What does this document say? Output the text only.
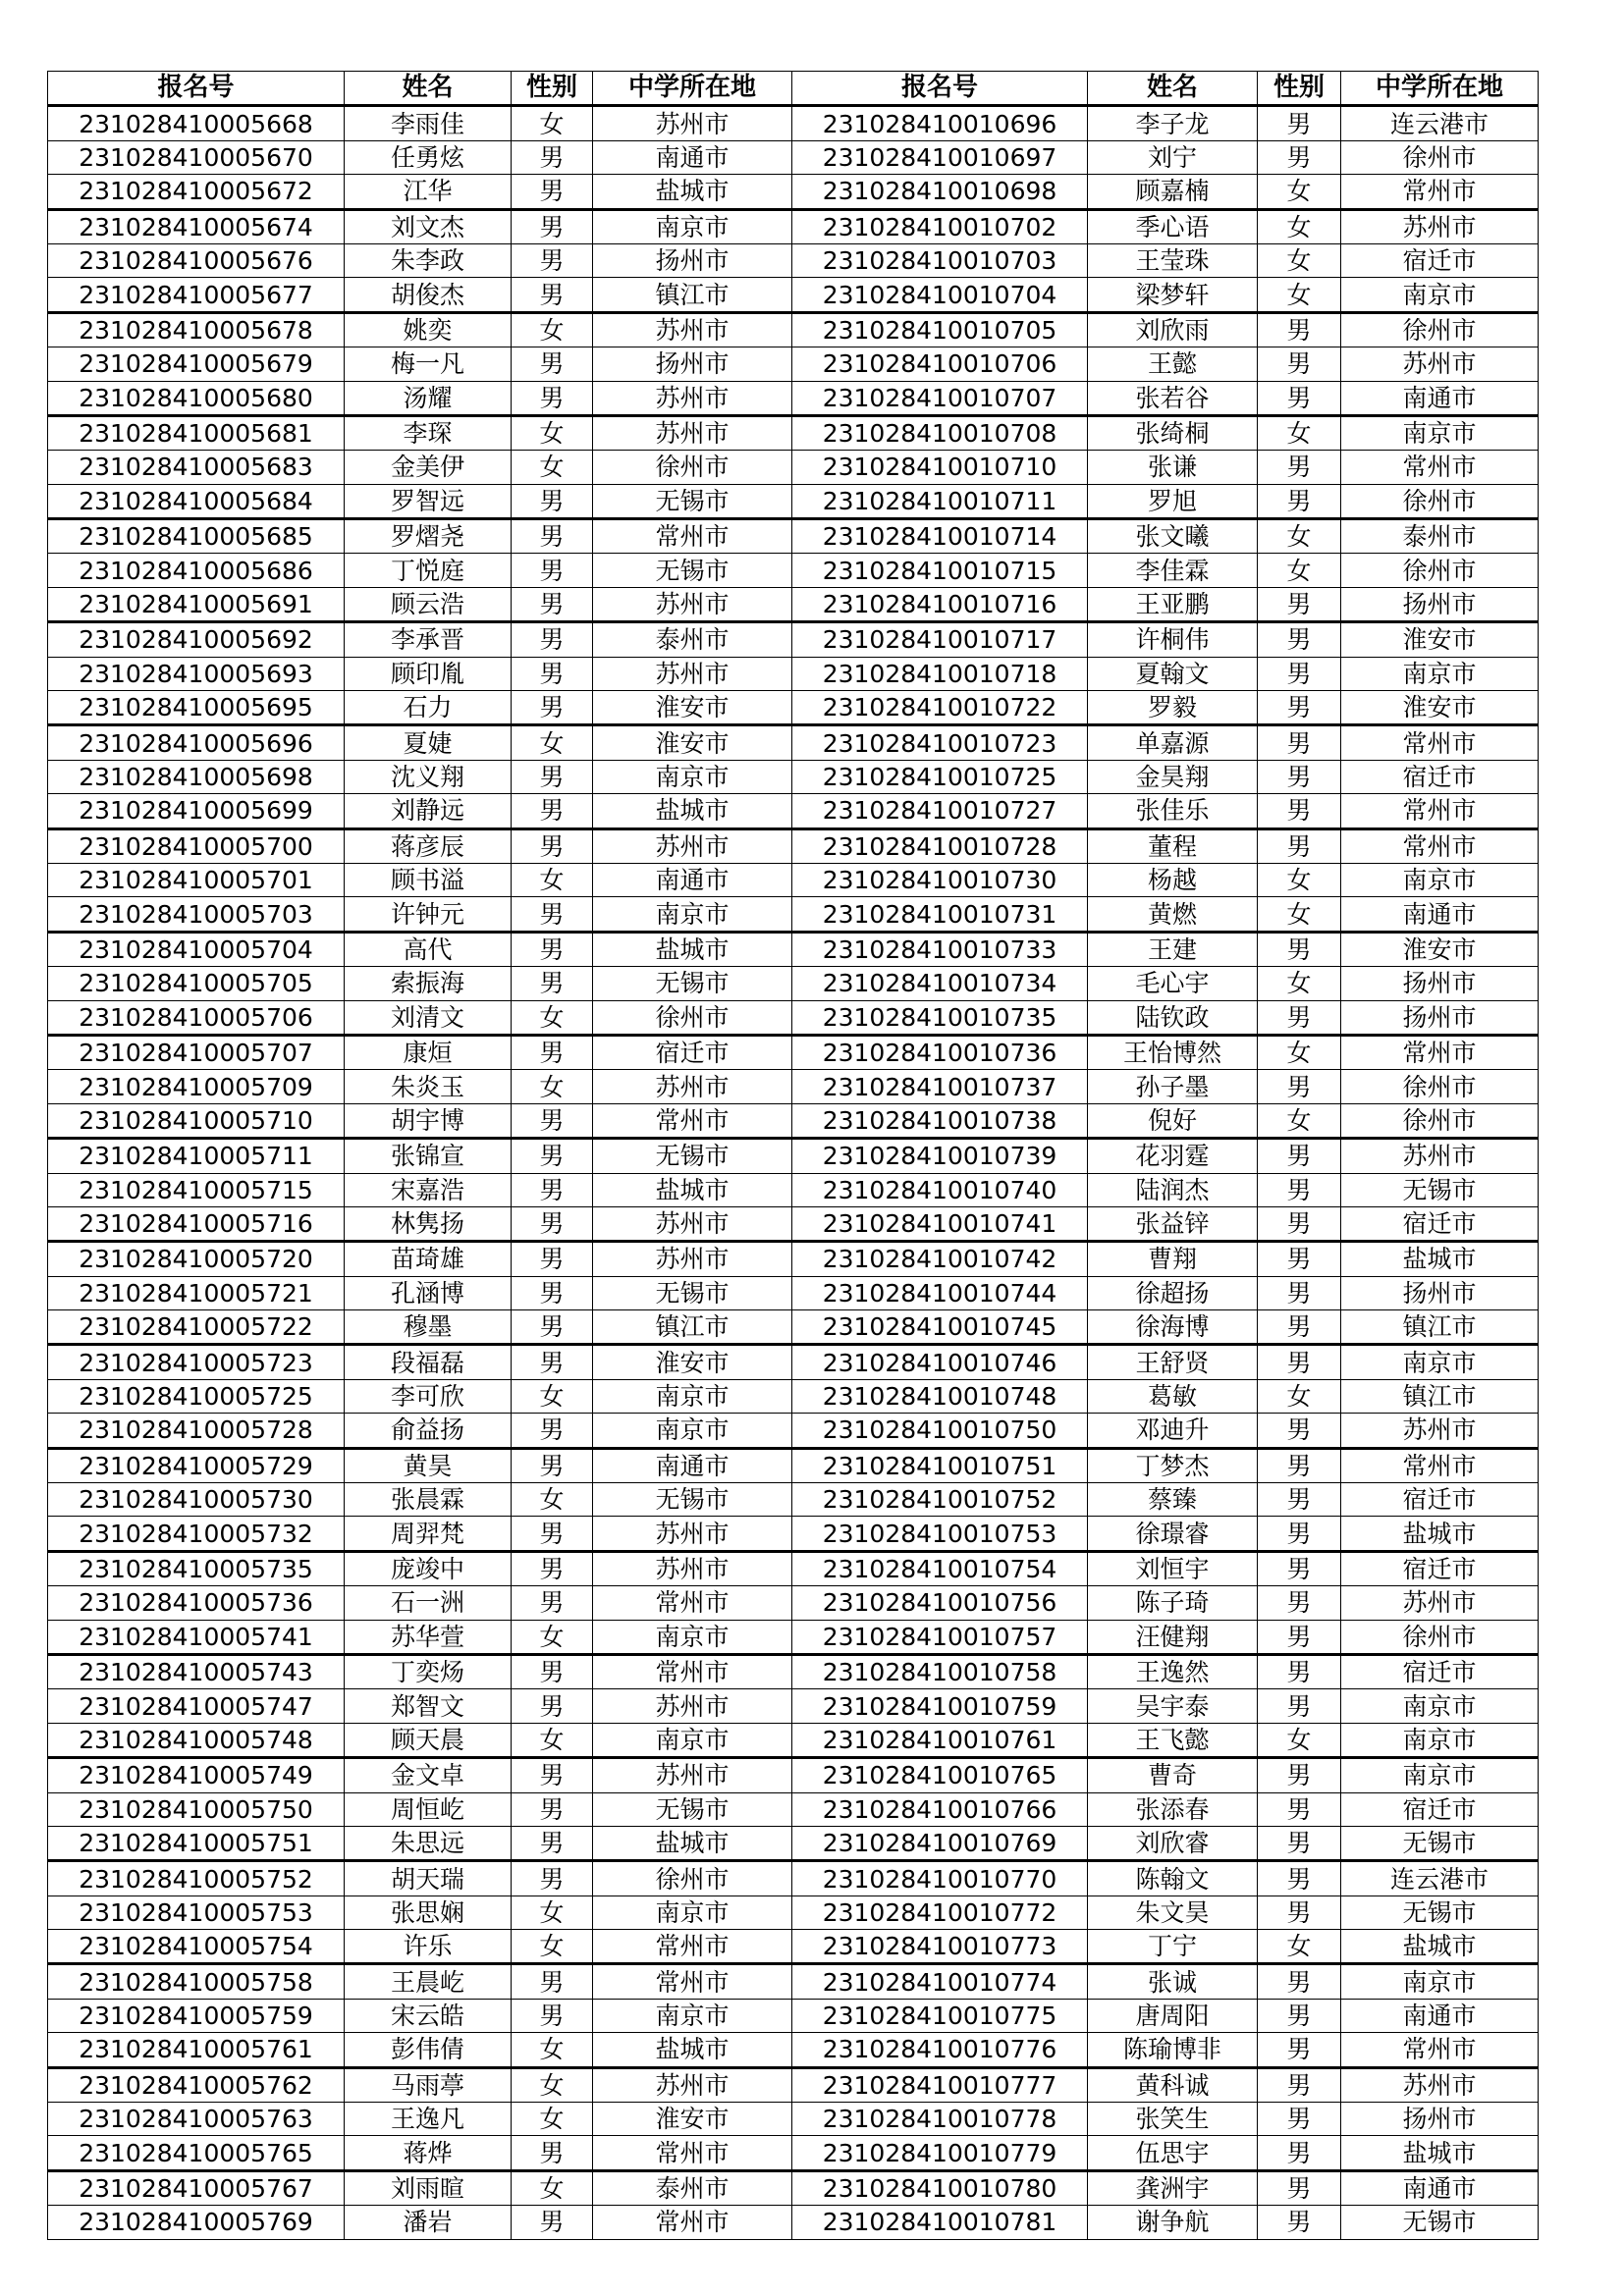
报名号	姓名	性别	中学所在地	报名号	姓名	性别	中学所在地
231028410005668	李雨佳	女	苏州市	231028410010696	李子龙	男	连云港市
231028410005670	任勇炫	男	南通市	231028410010697	刘宁	男	徐州市
231028410005672	江华	男	盐城市	231028410010698	顾嘉楠	女	常州市
231028410005674	刘文杰	男	南京市	231028410010702	季心语	女	苏州市
231028410005676	朱李政	男	扬州市	231028410010703	王莹珠	女	宿迁市
231028410005677	胡俊杰	男	镇江市	231028410010704	梁梦轩	女	南京市
231028410005678	姚奕	女	苏州市	231028410010705	刘欣雨	男	徐州市
231028410005679	梅一凡	男	扬州市	231028410010706	王懿	男	苏州市
231028410005680	汤耀	男	苏州市	231028410010707	张若谷	男	南通市
231028410005681	李琛	女	苏州市	231028410010708	张绮桐	女	南京市
231028410005683	金美伊	女	徐州市	231028410010710	张谦	男	常州市
231028410005684	罗智远	男	无锡市	231028410010711	罗旭	男	徐州市
231028410005685	罗熠尧	男	常州市	231028410010714	张文曦	女	泰州市
231028410005686	丁悦庭	男	无锡市	231028410010715	李佳霖	女	徐州市
231028410005691	顾云浩	男	苏州市	231028410010716	王亚鹏	男	扬州市
231028410005692	李承晋	男	泰州市	231028410010717	许桐伟	男	淮安市
231028410005693	顾印胤	男	苏州市	231028410010718	夏翰文	男	南京市
231028410005695	石力	男	淮安市	231028410010722	罗毅	男	淮安市
231028410005696	夏婕	女	淮安市	231028410010723	单嘉源	男	常州市
231028410005698	沈义翔	男	南京市	231028410010725	金昊翔	男	宿迁市
231028410005699	刘静远	男	盐城市	231028410010727	张佳乐	男	常州市
231028410005700	蒋彦辰	男	苏州市	231028410010728	董程	男	常州市
231028410005701	顾书溢	女	南通市	231028410010730	杨越	女	南京市
231028410005703	许钟元	男	南京市	231028410010731	黄燃	女	南通市
231028410005704	高代	男	盐城市	231028410010733	王建	男	淮安市
231028410005705	索振海	男	无锡市	231028410010734	毛心宇	女	扬州市
231028410005706	刘清文	女	徐州市	231028410010735	陆钦政	男	扬州市
231028410005707	康烜	男	宿迁市	231028410010736	王怡博然	女	常州市
231028410005709	朱炎玉	女	苏州市	231028410010737	孙子墨	男	徐州市
231028410005710	胡宇博	男	常州市	231028410010738	倪好	女	徐州市
231028410005711	张锦宣	男	无锡市	231028410010739	花羽霆	男	苏州市
231028410005715	宋嘉浩	男	盐城市	231028410010740	陆润杰	男	无锡市
231028410005716	林隽扬	男	苏州市	231028410010741	张益锌	男	宿迁市
231028410005720	苗琦雄	男	苏州市	231028410010742	曹翔	男	盐城市
231028410005721	孔涵博	男	无锡市	231028410010744	徐超扬	男	扬州市
231028410005722	穆墨	男	镇江市	231028410010745	徐海博	男	镇江市
231028410005723	段福磊	男	淮安市	231028410010746	王舒贤	男	南京市
231028410005725	李可欣	女	南京市	231028410010748	葛敏	女	镇江市
231028410005728	俞益扬	男	南京市	231028410010750	邓迪升	男	苏州市
231028410005729	黄昊	男	南通市	231028410010751	丁梦杰	男	常州市
231028410005730	张晨霖	女	无锡市	231028410010752	蔡臻	男	宿迁市
231028410005732	周羿梵	男	苏州市	231028410010753	徐璟睿	男	盐城市
231028410005735	庞竣中	男	苏州市	231028410010754	刘恒宇	男	宿迁市
231028410005736	石一洲	男	常州市	231028410010756	陈子琦	男	苏州市
231028410005741	苏华萱	女	南京市	231028410010757	汪健翔	男	徐州市
231028410005743	丁奕炀	男	常州市	231028410010758	王逸然	男	宿迁市
231028410005747	郑智文	男	苏州市	231028410010759	吴宇泰	男	南京市
231028410005748	顾天晨	女	南京市	231028410010761	王飞懿	女	南京市
231028410005749	金文卓	男	苏州市	231028410010765	曹奇	男	南京市
231028410005750	周恒屹	男	无锡市	231028410010766	张添春	男	宿迁市
231028410005751	朱思远	男	盐城市	231028410010769	刘欣睿	男	无锡市
231028410005752	胡天瑞	男	徐州市	231028410010770	陈翰文	男	连云港市
231028410005753	张思娴	女	南京市	231028410010772	朱文昊	男	无锡市
231028410005754	许乐	女	常州市	231028410010773	丁宁	女	盐城市
231028410005758	王晨屹	男	常州市	231028410010774	张诚	男	南京市
231028410005759	宋云皓	男	南京市	231028410010775	唐周阳	男	南通市
231028410005761	彭伟倩	女	盐城市	231028410010776	陈瑜博非	男	常州市
231028410005762	马雨葶	女	苏州市	231028410010777	黄科诚	男	苏州市
231028410005763	王逸凡	女	淮安市	231028410010778	张笑生	男	扬州市
231028410005765	蒋烨	男	常州市	231028410010779	伍思宇	男	盐城市
231028410005767	刘雨暄	女	泰州市	231028410010780	龚洲宇	男	南通市
231028410005769	潘岩	男	常州市	231028410010781	谢争航	男	无锡市
